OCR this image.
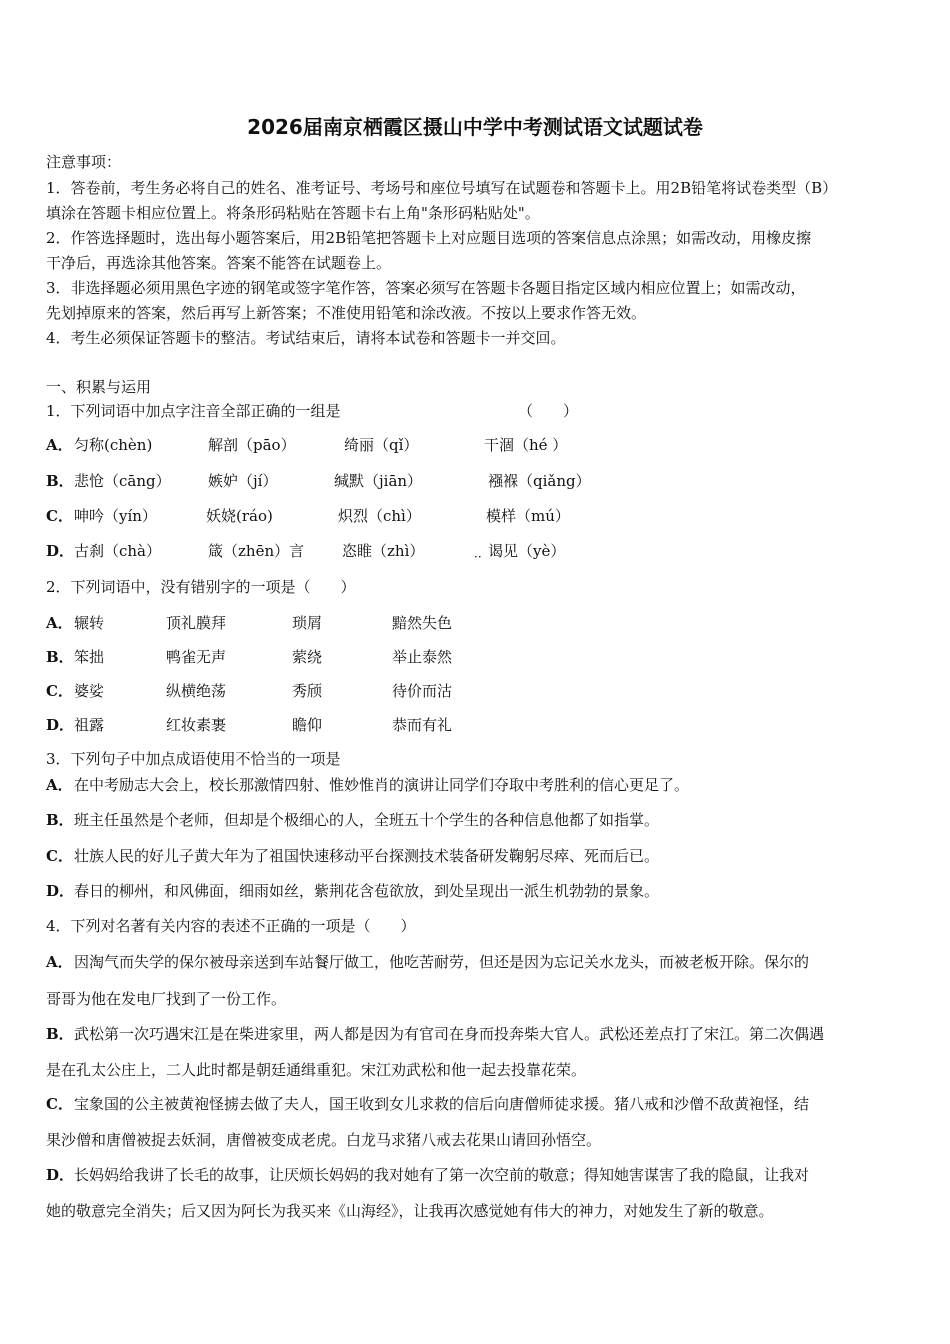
2026届南京栖霞区摄山中学中考测试语文试题试卷
注意事项：
1．答卷前，考生务必将自己的姓名、准考证号、考场号和座位号填写在试题卷和答题卡上。用2B铅笔将试卷类型（B）
填涂在答题卡相应位置上。将条形码粘贴在答题卡右上角"条形码粘贴处"。
2．作答选择题时，选出每小题答案后，用2B铅笔把答题卡上对应题目选项的答案信息点涂黑；如需改动，用橡皮擦
干净后，再选涂其他答案。答案不能答在试题卷上。
3．非选择题必须用黑色字迹的钢笔或签字笔作答，答案必须写在答题卡各题目指定区域内相应位置上；如需改动，
先划掉原来的答案，然后再写上新答案；不准使用铅笔和涂改液。不按以上要求作答无效。
4．考生必须保证答题卡的整洁。考试结束后，请将本试卷和答题卡一并交回。
一、积累与运用
1．下列词语中加点字注音全部正确的一组是	（　　）
A． 匀称(chèn)	解剖（pāo）	绮丽（qǐ）	干涸（hé ）
B． 悲怆（cāng） 嫉妒（jí）	缄默（jiān）	襁褓（qiǎng）
C． 呻吟（yín）	妖娆(ráo)	炽烈（chì）	模样（mú）
D． 古刹（chà）	箴（zhēn）言	恣睢（zhì）	谒见（yè）
··
2．下列词语中，没有错别字的一项是（　　）
A． 辗转	顶礼膜拜	琐屑	黯然失色
B． 笨拙	鸭雀无声	萦绕	举止泰然
C． 婆娑	纵横绝荡	秀颀	待价而沽
D． 祖露	红妆素裹	瞻仰	恭而有礼
3．下列句子中加点成语使用不恰当的一项是
A． 在中考励志大会上，校长那激情四射、惟妙惟肖的演讲让同学们夺取中考胜利的信心更足了。
B． 班主任虽然是个老师，但却是个极细心的人，全班五十个学生的各种信息他都了如指掌。
C． 壮族人民的好儿子黄大年为了祖国快速移动平台探测技术装备研发鞠躬尽瘁、死而后已。
D． 春日的柳州，和风佛面，细雨如丝，紫荆花含苞欲放，到处呈现出一派生机勃勃的景象。
4．下列对名著有关内容的表述不正确的一项是（　　）
A． 因淘气而失学的保尔被母亲送到车站餐厅做工，他吃苦耐劳，但还是因为忘记关水龙头，而被老板开除。保尔的
哥哥为他在发电厂找到了一份工作。
B． 武松第一次巧遇宋江是在柴进家里，两人都是因为有官司在身而投奔柴大官人。武松还差点打了宋江。第二次偶遇
是在孔太公庄上，二人此时都是朝廷通缉重犯。宋江劝武松和他一起去投靠花荣。
C． 宝象国的公主被黄袍怪掳去做了夫人，国王收到女儿求救的信后向唐僧师徒求援。猪八戒和沙僧不敌黄袍怪，结
果沙僧和唐僧被捉去妖洞，唐僧被变成老虎。白龙马求猪八戒去花果山请回孙悟空。
D． 长妈妈给我讲了长毛的故事，让厌烦长妈妈的我对她有了第一次空前的敬意；得知她害谋害了我的隐鼠，让我对
她的敬意完全消失；后又因为阿长为我买来《山海经》，让我再次感觉她有伟大的神力，对她发生了新的敬意。
